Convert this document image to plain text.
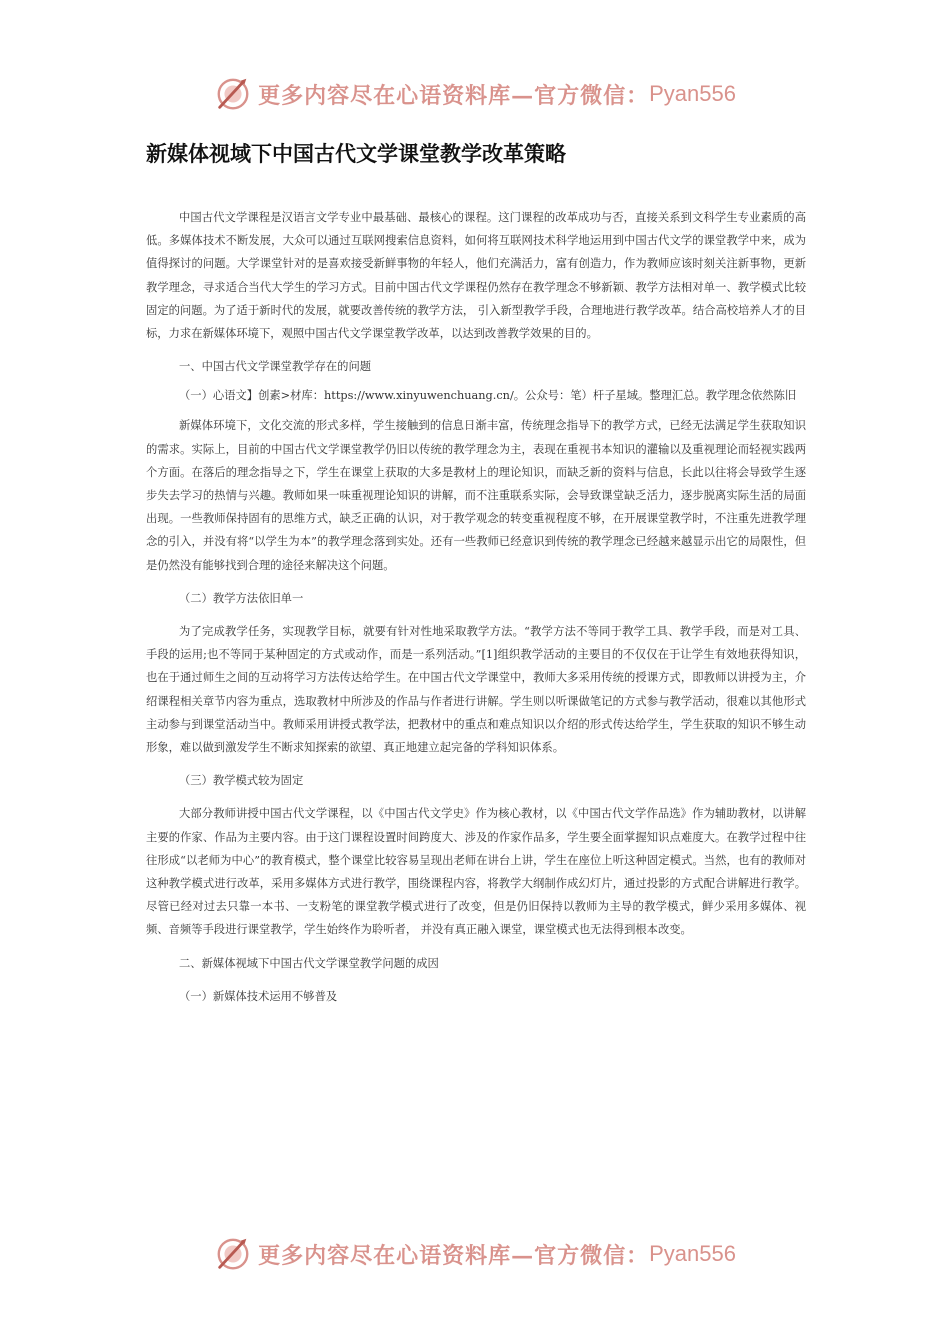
更多内容尽在心语资料库—官方微信： Pyan556
新媒体视域下中国古代文学课堂教学改革策略

中国古代文学课程是汉语言文学专业中最基础、最核心的课程。这门课程的改革成功与否，直接关系到文科学生专业素质的高低。多媒体技术不断发展，大众可以通过互联网搜索信息资料，如何将互联网技术科学地运用到中国古代文学的课堂教学中来，成为值得探讨的问题。大学课堂针对的是喜欢接受新鲜事物的年轻人，他们充满活力，富有创造力，作为教师应该时刻关注新事物，更新教学理念，寻求适合当代大学生的学习方式。目前中国古代文学课程仍然存在教学理念不够新颖、教学方法相对单一、教学模式比较固定的问题。为了适于新时代的发展，就要改善传统的教学方法， 引入新型教学手段，合理地进行教学改革。结合高校培养人才的目标，力求在新媒体环境下，观照中国古代文学课堂教学改革，以达到改善教学效果的目的。

一、中国古代文学课堂教学存在的问题

（一）心语文】创素>材库：https://www.xinyuwenchuang.cn/。公众号：笔）杆子星域。整理汇总。教学理念依然陈旧

新媒体环境下，文化交流的形式多样，学生接触到的信息日渐丰富，传统理念指导下的教学方式，已经无法满足学生获取知识的需求。实际上，目前的中国古代文学课堂教学仍旧以传统的教学理念为主，表现在重视书本知识的灌输以及重视理论而轻视实践两个方面。在落后的理念指导之下，学生在课堂上获取的大多是教材上的理论知识，而缺乏新的资料与信息，长此以往将会导致学生逐步失去学习的热情与兴趣。教师如果一味重视理论知识的讲解，而不注重联系实际，会导致课堂缺乏活力，逐步脱离实际生活的局面出现。一些教师保持固有的思维方式，缺乏正确的认识，对于教学观念的转变重视程度不够，在开展课堂教学时，不注重先进教学理念的引入，并没有将“以学生为本”的教学理念落到实处。还有一些教师已经意识到传统的教学理念已经越来越显示出它的局限性，但是仍然没有能够找到合理的途径来解决这个问题。

（二）教学方法依旧单一

为了完成教学任务，实现教学目标，就要有针对性地采取教学方法。“教学方法不等同于教学工具、教学手段，而是对工具、手段的运用;也不等同于某种固定的方式或动作，而是一系列活动。”[1]组织教学活动的主要目的不仅仅在于让学生有效地获得知识，也在于通过师生之间的互动将学习方法传达给学生。在中国古代文学课堂中，教师大多采用传统的授课方式，即教师以讲授为主，介绍课程相关章节内容为重点，选取教材中所涉及的作品与作者进行讲解。学生则以听课做笔记的方式参与教学活动，很难以其他形式主动参与到课堂活动当中。教师采用讲授式教学法，把教材中的重点和难点知识以介绍的形式传达给学生，学生获取的知识不够生动形象，难以做到激发学生不断求知探索的欲望、真正地建立起完备的学科知识体系。

（三）教学模式较为固定

大部分教师讲授中国古代文学课程，以《中国古代文学史》作为核心教材，以《中国古代文学作品选》作为辅助教材，以讲解主要的作家、作品为主要内容。由于这门课程设置时间跨度大、涉及的作家作品多，学生要全面掌握知识点难度大。在教学过程中往往形成“以老师为中心”的教育模式，整个课堂比较容易呈现出老师在讲台上讲，学生在座位上听这种固定模式。当然，也有的教师对这种教学模式进行改革，采用多媒体方式进行教学，围绕课程内容，将教学大纲制作成幻灯片，通过投影的方式配合讲解进行教学。尽管已经对过去只靠一本书、一支粉笔的课堂教学模式进行了改变，但是仍旧保持以教师为主导的教学模式，鲜少采用多媒体、视频、音频等手段进行课堂教学，学生始终作为聆听者， 并没有真正融入课堂，课堂模式也无法得到根本改变。

二、新媒体视域下中国古代文学课堂教学问题的成因

（一）新媒体技术运用不够普及

更多内容尽在心语资料库—官方微信： Pyan556
